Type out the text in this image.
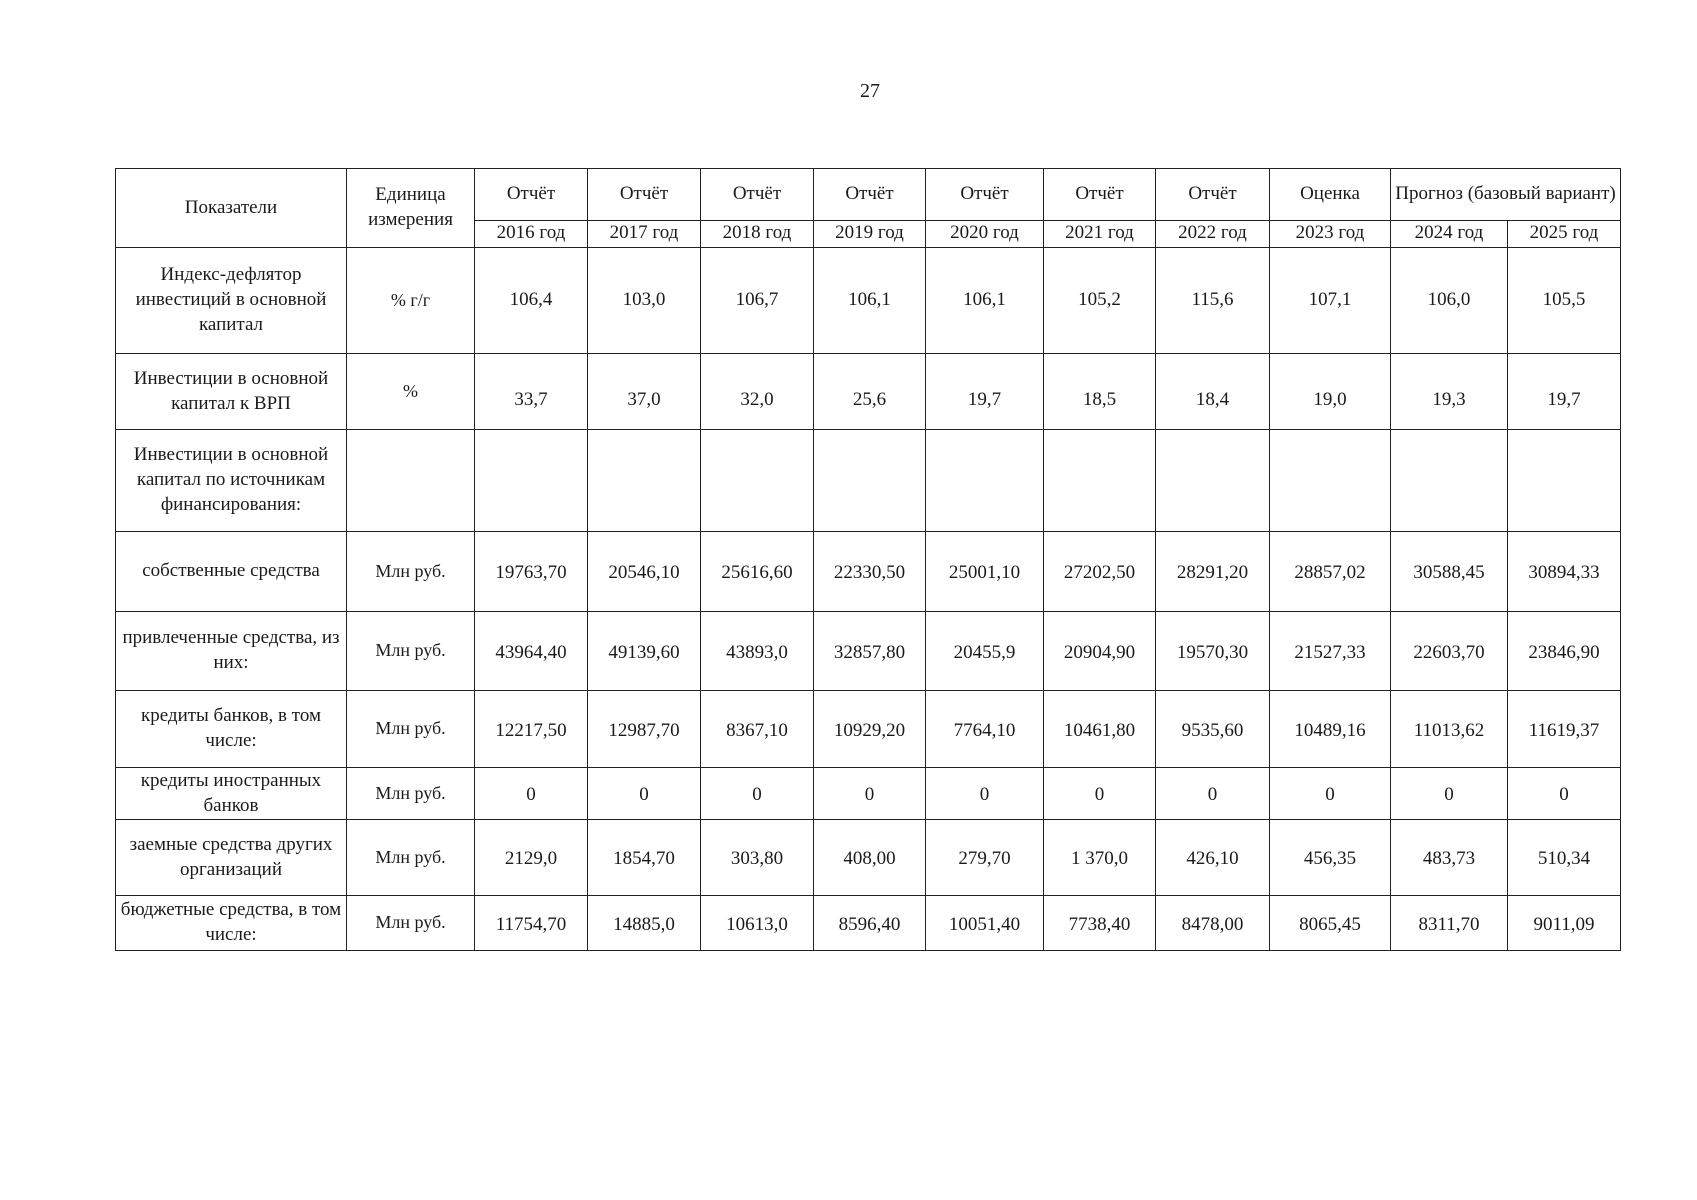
27
Показатели	Единица измерения	Отчёт	Отчёт	Отчёт	Отчёт	Отчёт	Отчёт	Отчёт	Оценка	Прогноз (базовый вариант)	
		2016 год	2017 год	2018 год	2019 год	2020 год	2021 год	2022 год	2023 год	2024 год	2025 год
Индекс-дефлятор инвестиций в основной капитал	% г/г	106,4	103,0	106,7	106,1	106,1	105,2	115,6	107,1	106,0	105,5
Инвестиции в основной капитал к ВРП	%	33,7	37,0	32,0	25,6	19,7	18,5	18,4	19,0	19,3	19,7
Инвестиции в основной капитал по источникам финансирования:											
собственные средства	Млн руб.	19763,70	20546,10	25616,60	22330,50	25001,10	27202,50	28291,20	28857,02	30588,45	30894,33
привлеченные средства, из них:	Млн руб.	43964,40	49139,60	43893,0	32857,80	20455,9	20904,90	19570,30	21527,33	22603,70	23846,90
кредиты банков, в том числе:	Млн руб.	12217,50	12987,70	8367,10	10929,20	7764,10	10461,80	9535,60	10489,16	11013,62	11619,37
кредиты иностранных банков	Млн руб.	0	0	0	0	0	0	0	0	0	0
заемные средства других организаций	Млн руб.	2129,0	1854,70	303,80	408,00	279,70	1 370,0	426,10	456,35	483,73	510,34
бюджетные средства, в том числе:	Млн руб.	11754,70	14885,0	10613,0	8596,40	10051,40	7738,40	8478,00	8065,45	8311,70	9011,09
